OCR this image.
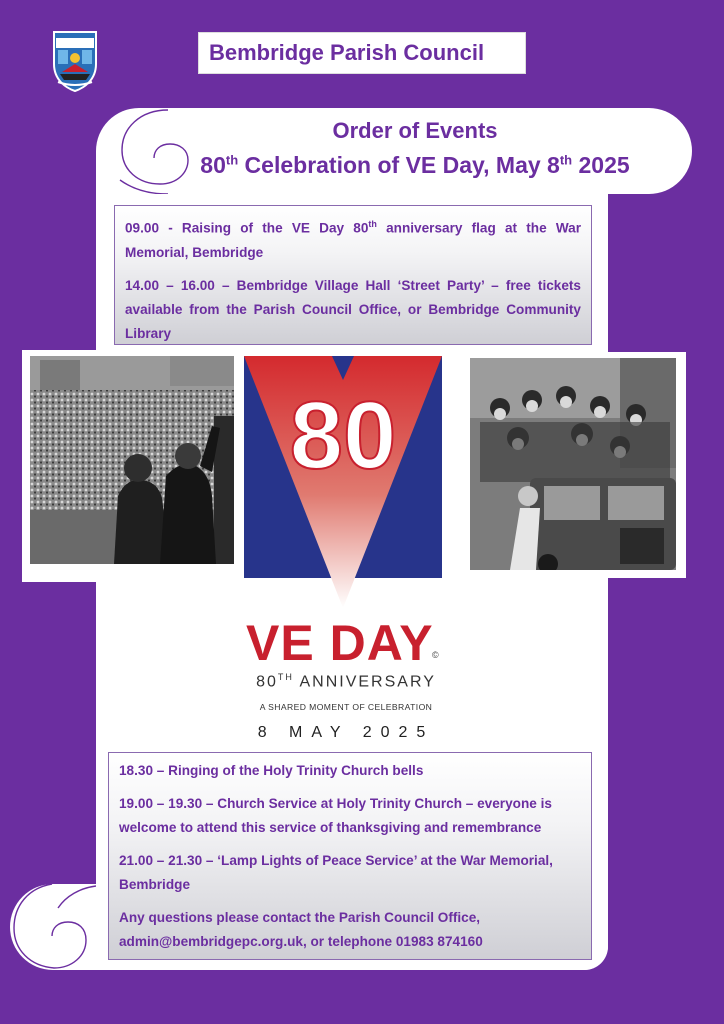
Bembridge Parish Council
Order of Events
80th Celebration of VE Day, May 8th 2025

09.00 - Raising of the VE Day 80th anniversary flag at the War Memorial, Bembridge

14.00 – 16.00 – Bembridge Village Hall ‘Street Party’ – free tickets available from the Parish Council Office, or Bembridge Community Library

80
VE DAY
©
80TH ANNIVERSARY
A SHARED MOMENT OF CELEBRATION
8 MAY 2025

18.30 – Ringing of the Holy Trinity Church bells

19.00 – 19.30 – Church Service at Holy Trinity Church – everyone is welcome to attend this service of thanksgiving and remembrance

21.00 – 21.30 – ‘Lamp Lights of Peace Service’ at the War Memorial, Bembridge

Any questions please contact the Parish Council Office, admin@bembridgepc.org.uk, or telephone 01983 874160
